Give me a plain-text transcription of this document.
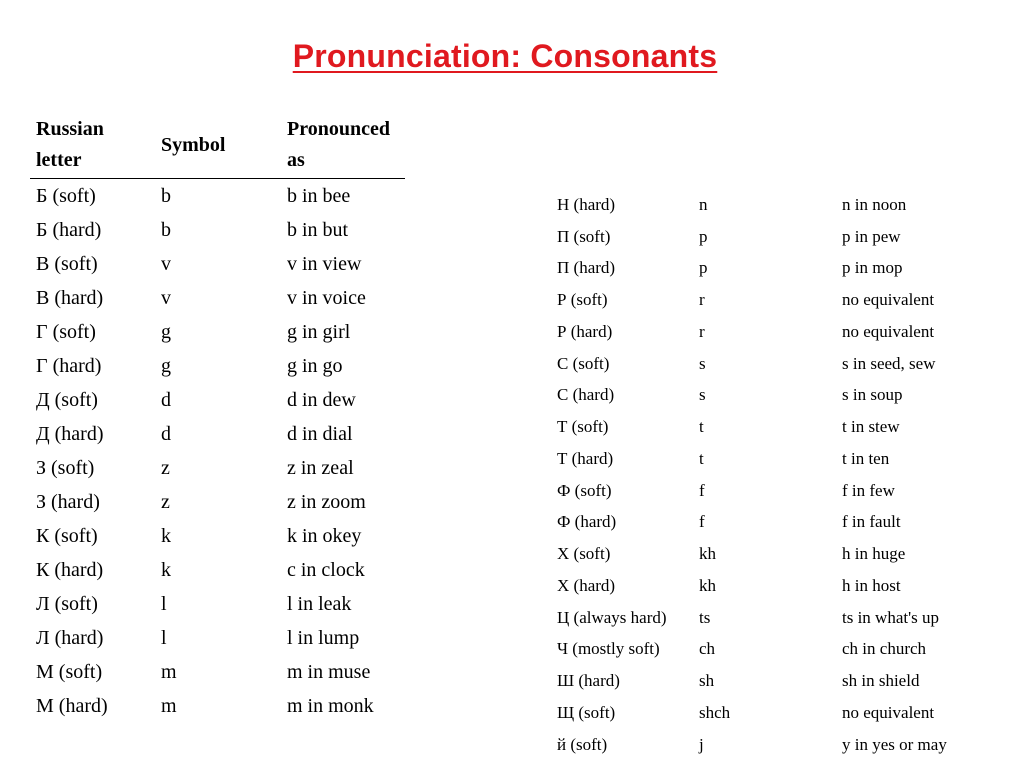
Pronunciation: Consonants
Russian letter	Symbol	Pronounced as
Б (soft)	b	b in bee
Б (hard)	b	b in but
В (soft)	v	v in view
В (hard)	v	v in voice
Г (soft)	g	g in girl
Г (hard)	g	g in go
Д (soft)	d	d in dew
Д (hard)	d	d in dial
З (soft)	z	z in zeal
З (hard)	z	z in zoom
К (soft)	k	k in okey
К (hard)	k	c in clock
Л (soft)	l	l in leak
Л (hard)	l	l in lump
М (soft)	m	m in muse
М (hard)	m	m in monk
Н (hard)	n	n in noon
П (soft)	p	p in pew
П (hard)	p	p in mop
Р (soft)	r	no equivalent
Р (hard)	r	no equivalent
С (soft)	s	s in seed, sew
С (hard)	s	s in soup
Т (soft)	t	t in stew
Т (hard)	t	t in ten
Ф (soft)	f	f in few
Ф (hard)	f	f in fault
Х (soft)	kh	h in huge
Х (hard)	kh	h in host
Ц (always hard)	ts	ts in what's up
Ч (mostly soft)	ch	ch in church
Ш (hard)	sh	sh in shield
Щ (soft)	shch	no equivalent
й (soft)	j	y in yes or may
